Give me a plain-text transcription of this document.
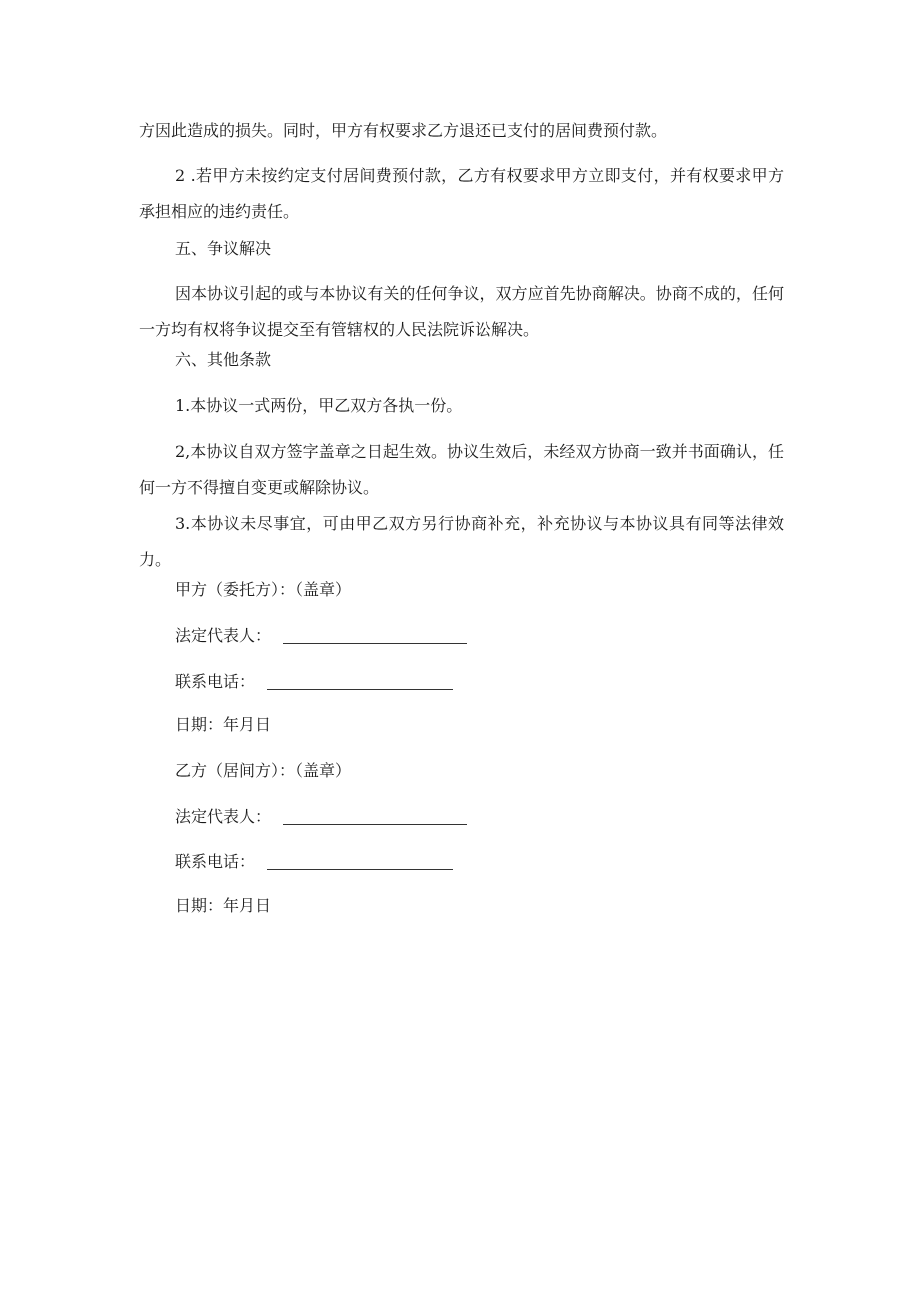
方因此造成的损失。同时，甲方有权要求乙方退还已支付的居间费预付款。

2 .若甲方未按约定支付居间费预付款，乙方有权要求甲方立即支付，并有权要求甲方承担相应的违约责任。

五、争议解决

因本协议引起的或与本协议有关的任何争议，双方应首先协商解决。协商不成的，任何一方均有权将争议提交至有管辖权的人民法院诉讼解决。

六、其他条款

1.本协议一式两份，甲乙双方各执一份。

2,本协议自双方签字盖章之日起生效。协议生效后，未经双方协商一致并书面确认，任何一方不得擅自变更或解除协议。

3.本协议未尽事宜，可由甲乙双方另行协商补充，补充协议与本协议具有同等法律效力。

甲方（委托方）：（盖章）

法定代表人：

联系电话：

日期：年月日

乙方（居间方）：（盖章）

法定代表人：

联系电话：

日期：年月日
